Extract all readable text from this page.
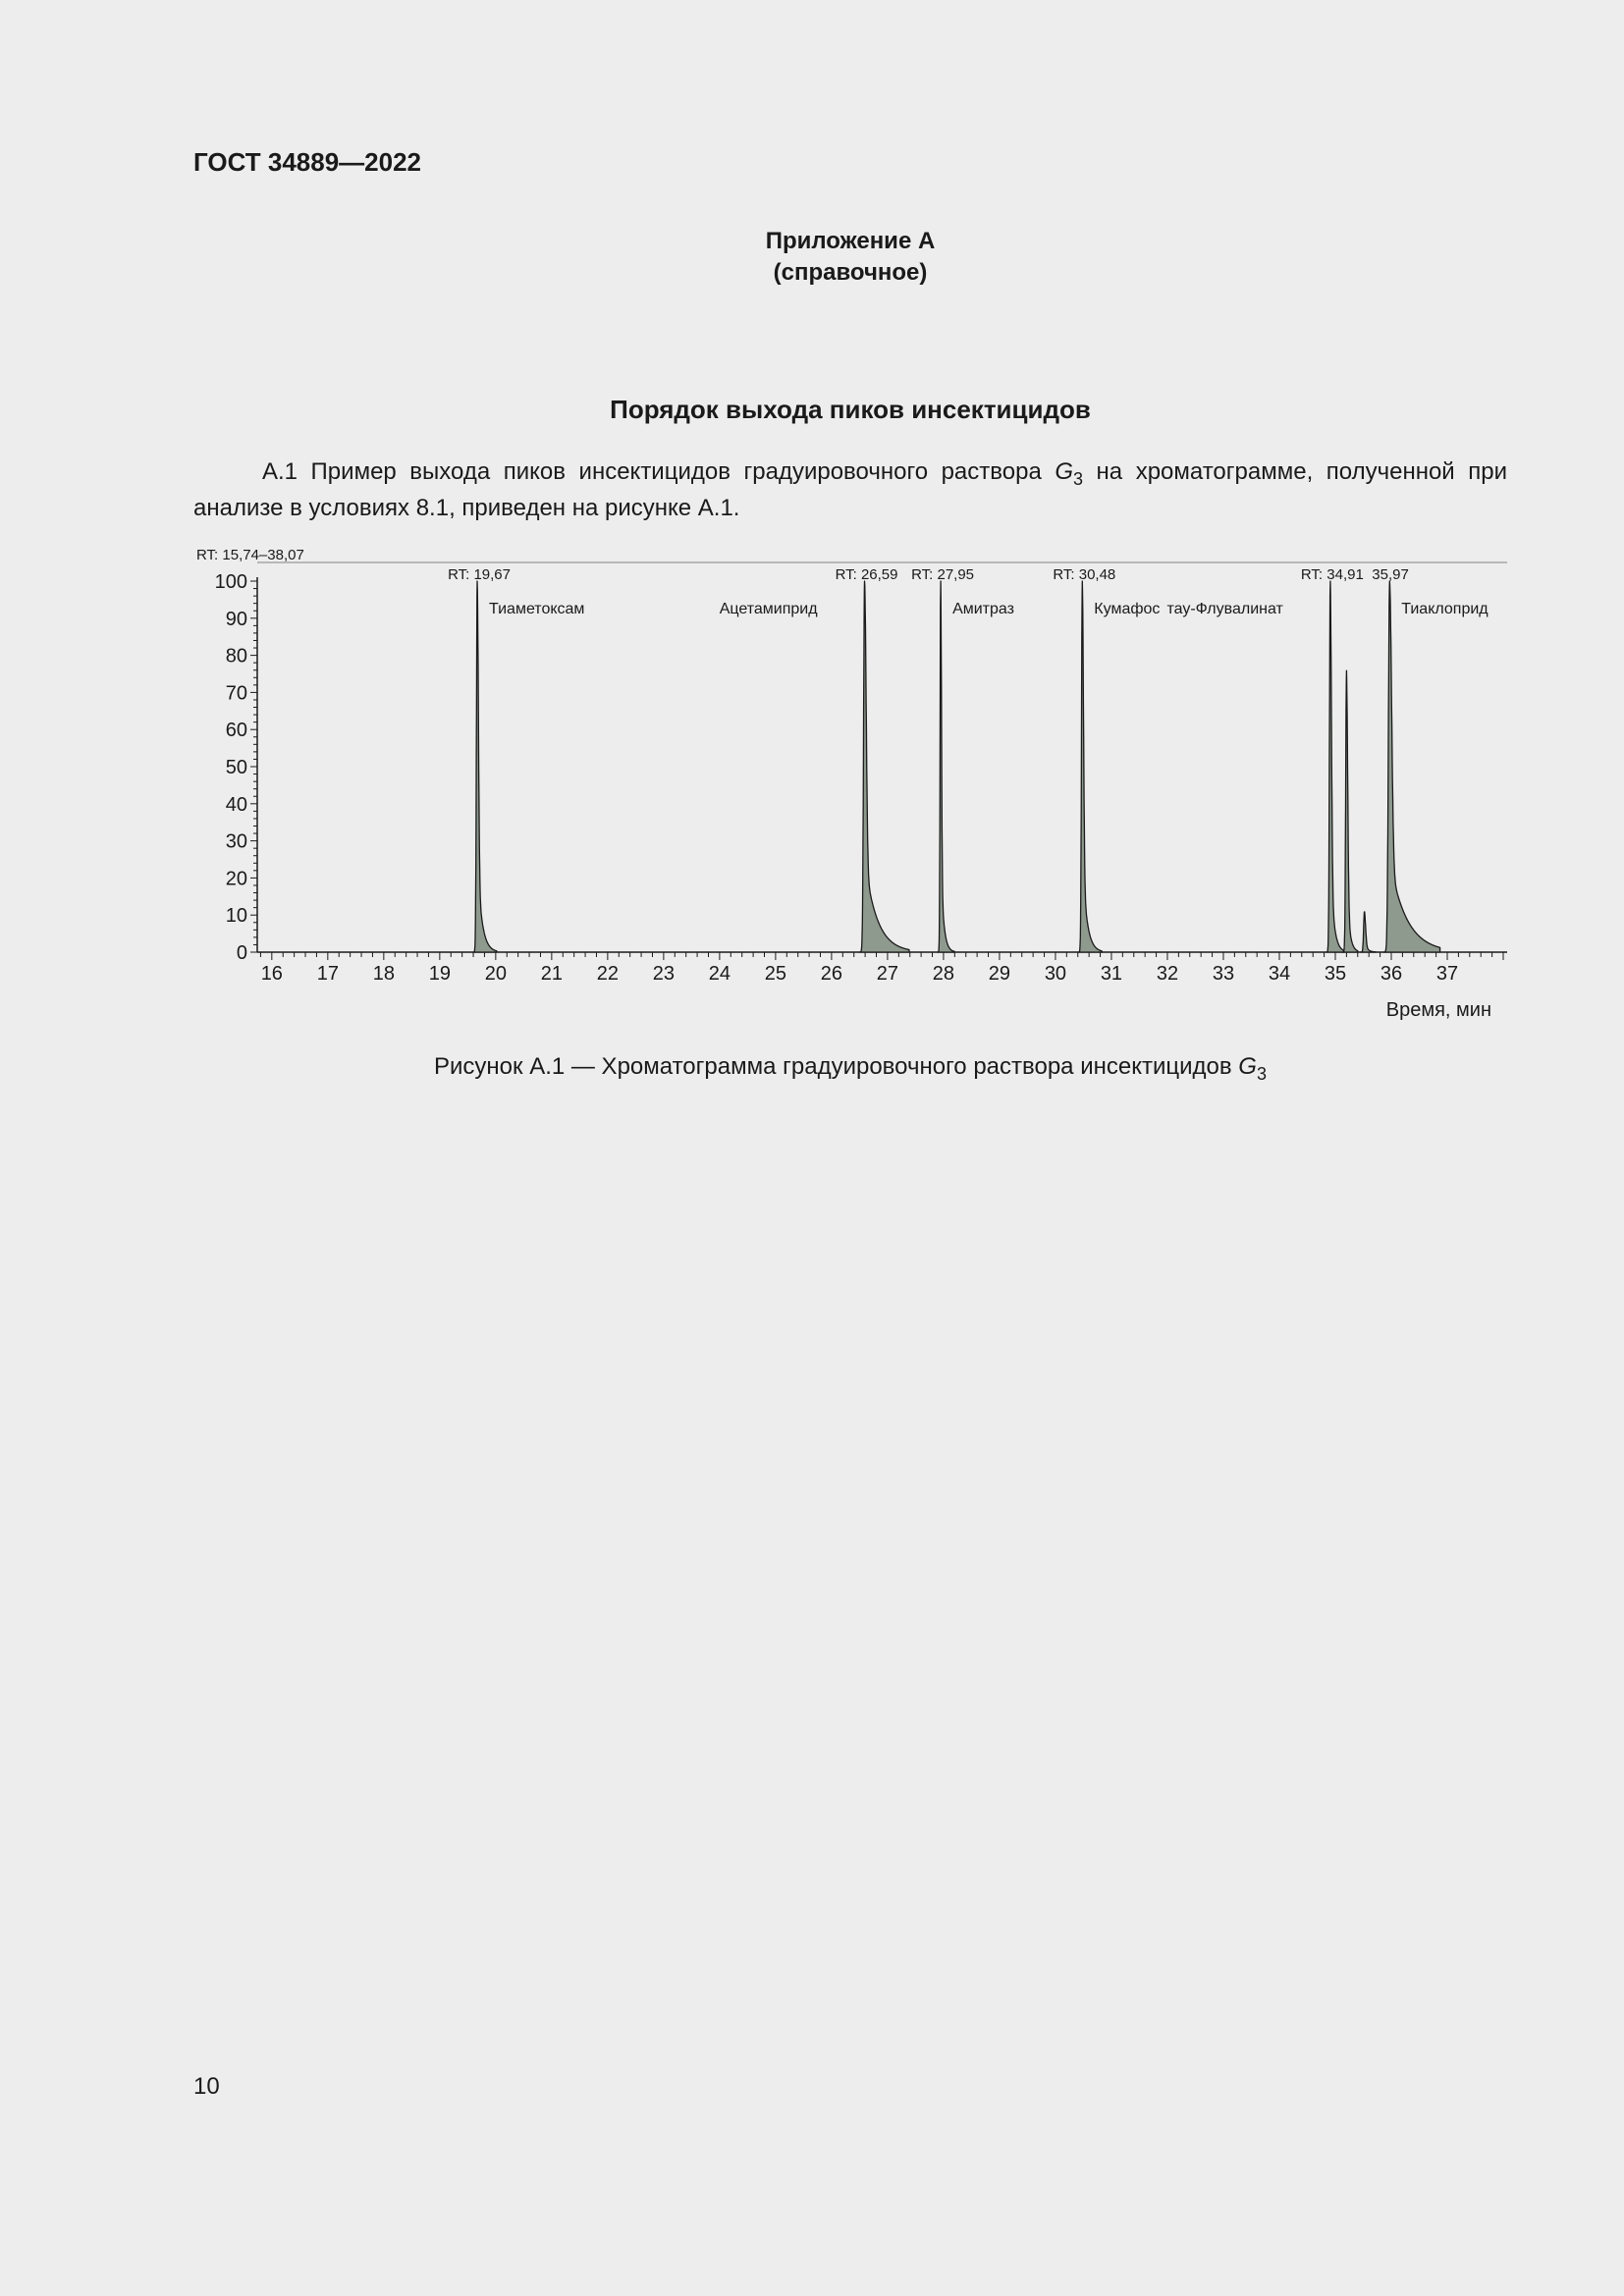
ГОСТ 34889—2022
Приложение А
(справочное)
Порядок выхода пиков инсектицидов
А.1 Пример выхода пиков инсектицидов градуировочного раствора $G_3$ на хроматограмме, полученной при анализе в условиях 8.1, приведен на рисунке А.1.
RT: 15,74–38,07
0
10
20
30
40
50
60
70
80
90
100
16 17 18 19 20 21 22 23 24 25 26 27 28 29 30 31 32 33 34 35 36 37
Время, мин
RT: 19,67
Тиаметоксам
RT: 26,59
Ацетамиприд
RT: 27,95
Амитраз
RT: 30,48
Кумафос
RT: 34,91
тау-Флувалинат
35,97
Тиаклоприд
Рисунок А.1 — Хроматограмма градуировочного раствора инсектицидов $G_3$
10
